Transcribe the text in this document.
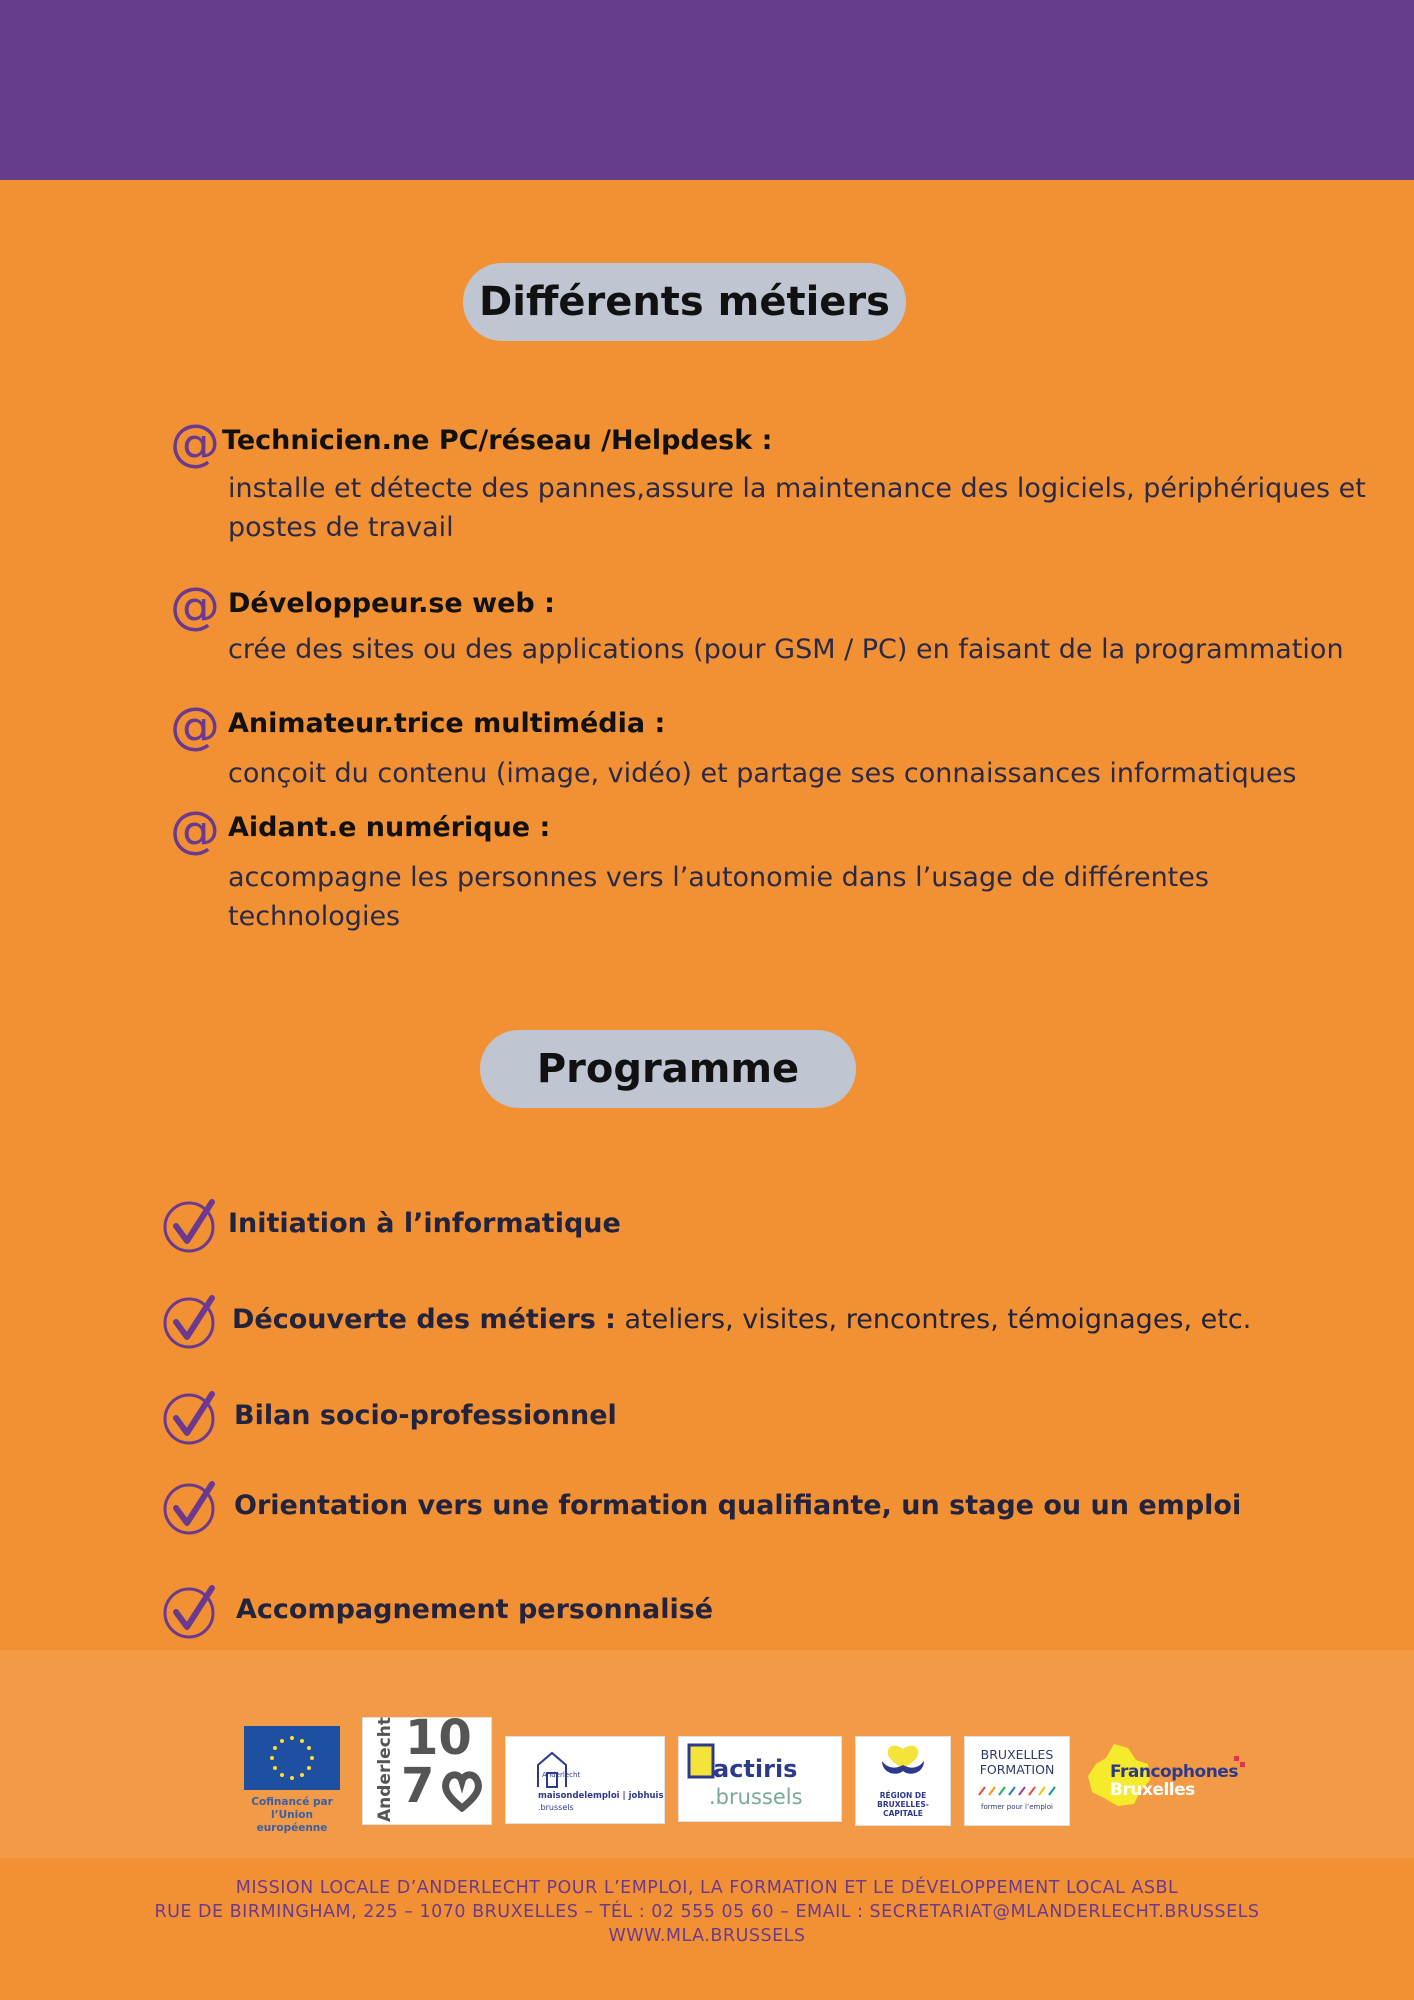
Différents métiers
@ Technicien.ne PC/réseau /Helpdesk :
installe et détecte des pannes,assure la maintenance des logiciels, périphériques et postes de travail
@ Développeur.se web :
crée des sites ou des applications (pour GSM / PC) en faisant de la programmation
@ Animateur.trice multimédia :
conçoit du contenu (image, vidéo) et partage ses connaissances informatiques
@ Aidant.e numérique :
accompagne les personnes vers l’autonomie dans l’usage de différentes technologies
Programme
Initiation à l’informatique
Découverte des métiers : ateliers, visites, rencontres, témoignages, etc.
Bilan socio-professionnel
Orientation vers une formation qualifiante, un stage ou un emploi
Accompagnement personnalisé
Cofinancé par
l’Union européenne
Anderlecht 10
7	Anderlecht
maisondelemploi | jobhuis
.brussels
actiris
.brussels	RÉGION DE
BRUXELLES-
CAPITALE
BRUXELLES
FORMATION
former pour l’emploi
Francophones
Bruxelles
MISSION LOCALE D’ANDERLECHT POUR L’EMPLOI, LA FORMATION ET LE DÉVELOPPEMENT LOCAL ASBL
RUE DE BIRMINGHAM, 225 – 1070 BRUXELLES – TÉL : 02 555 05 60 – EMAIL : SECRETARIAT@MLANDERLECHT.BRUSSELS
WWW.MLA.BRUSSELS
